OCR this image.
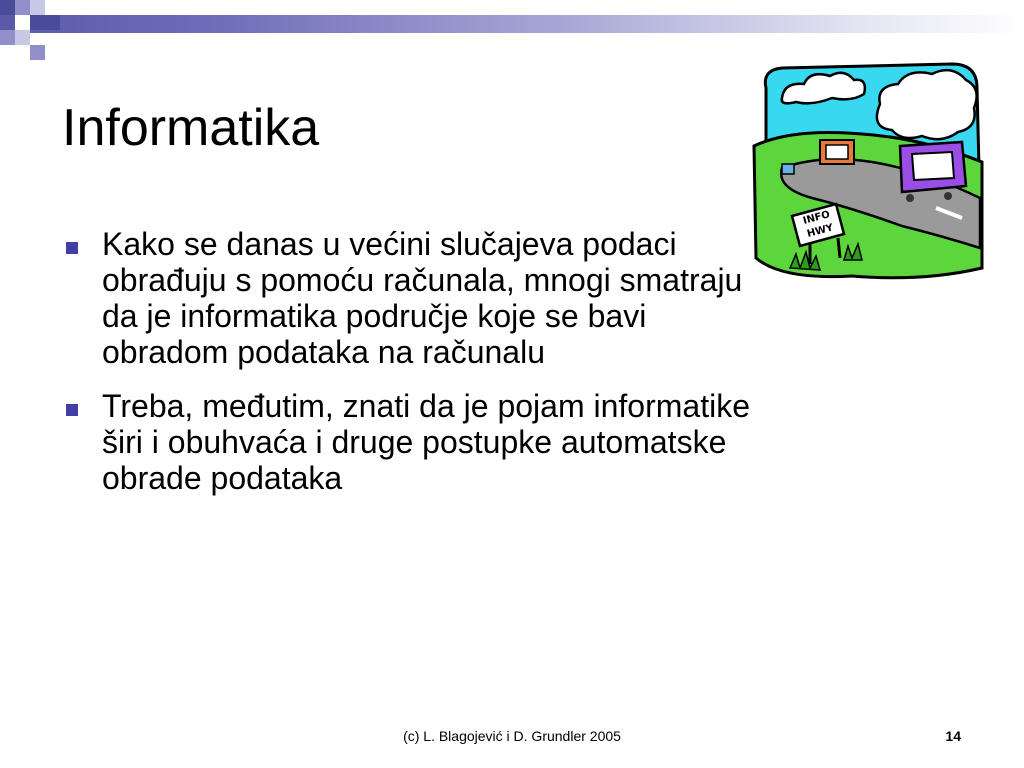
Informatika
Kako se danas u većini slučajeva podaci obrađuju s pomoću računala, mnogi smatraju da je informatika područje koje se bavi obradom podataka na računalu
Treba, međutim, znati da je pojam informatike širi i obuhvaća i druge postupke automatske obrade podataka
INFO
HWY
(c) L. Blagojević i D. Grundler 2005	14
